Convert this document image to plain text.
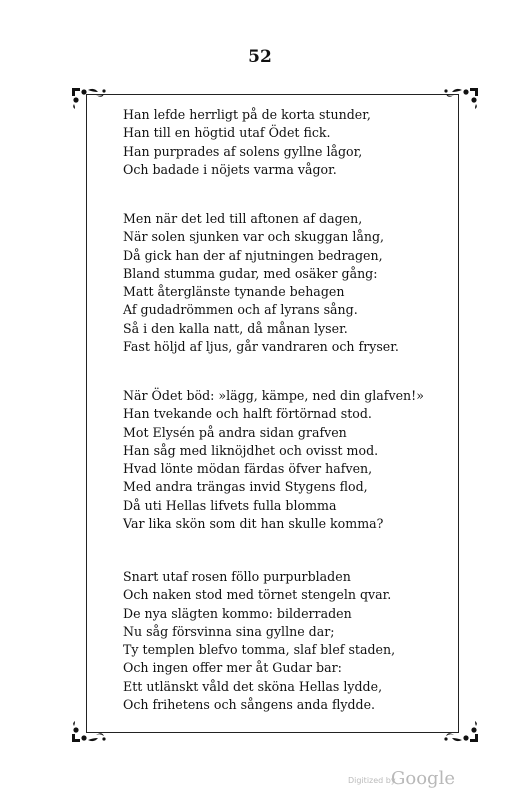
52
Han lefde herrligt på de korta stunder,
Han till en högtid utaf Ödet fick.
Han purprades af solens gyllne lågor,
Och badade i nöjets varma vågor.
Men när det led till aftonen af dagen,
När solen sjunken var och skuggan lång,
Då gick han der af njutningen bedragen,
Bland stumma gudar, med osäker gång:
Matt återglänste tynande behagen
Af gudadrömmen och af lyrans sång.
Så i den kalla natt, då månan lyser.
Fast höljd af ljus, går vandraren och fryser.
När Ödet böd: »lägg, kämpe, ned din glafven!»
Han tvekande och halft förtörnad stod.
Mot Elysén på andra sidan grafven
Han såg med liknöjdhet och ovisst mod.
Hvad lönte mödan färdas öfver hafven,
Med andra trängas invid Stygens flod,
Då uti Hellas lifvets fulla blomma
Var lika skön som dit han skulle komma?
Snart utaf rosen föllo purpurbladen
Och naken stod med törnet stengeln qvar.
De nya slägten kommo: bilderraden
Nu såg försvinna sina gyllne dar;
Ty templen blefvo tomma, slaf blef staden,
Och ingen offer mer åt Gudar bar:
Ett utlänskt våld det sköna Hellas lydde,
Och frihetens och sångens anda flydde.
Digitized by
Google
